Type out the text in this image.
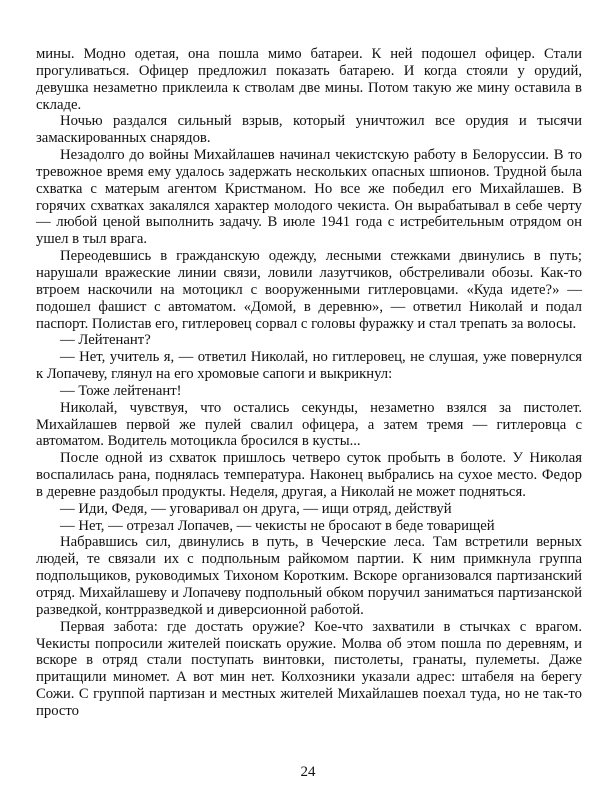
мины. Модно одетая, она пошла мимо батареи. К ней подошел офицер. Стали прогуливаться. Офицер предложил показать батарею. И когда стояли у орудий, девушка незаметно приклеила к стволам две мины. Потом такую же мину оставила в складе.

Ночью раздался сильный взрыв, который уничтожил все орудия и тысячи замаскированных снарядов.

Незадолго до войны Михайлашев начинал чекистскую работу в Белоруссии. В то тревожное время ему удалось задержать нескольких опасных шпионов. Трудной была схватка с матерым агентом Кристманом. Но все же победил его Михайлашев. В горячих схватках закалялся характер молодого чекиста. Он вырабатывал в себе черту — любой ценой выполнить задачу. В июле 1941 года с истребительным отрядом он ушел в тыл врага.

Переодевшись в гражданскую одежду, лесными стежками двинулись в путь; нарушали вражеские линии связи, ловили лазутчиков, обстреливали обозы. Как-то втроем наскочили на мотоцикл с вооруженными гитлеровцами. «Куда идете?» — подошел фашист с автоматом. «Домой, в деревню», — ответил Николай и подал паспорт. Полистав его, гитлеровец сорвал с головы фуражку и стал трепать за волосы.

— Лейтенант?

— Нет, учитель я, — ответил Николай, но гитлеровец, не слушая, уже повернулся к Лопачеву, глянул на его хромовые сапоги и выкрикнул:

— Тоже лейтенант!

Николай, чувствуя, что остались секунды, незаметно взялся за пистолет. Михайлашев первой же пулей свалил офицера, а затем тремя — гитлеровца с автоматом. Водитель мотоцикла бросился в кусты...

После одной из схваток пришлось четверо суток пробыть в болоте. У Николая воспалилась рана, поднялась температура. Наконец выбрались на сухое место. Федор в деревне раздобыл продукты. Неделя, другая, а Николай не может подняться.

— Иди, Федя, — уговаривал он друга, — ищи отряд, действуй

— Нет, — отрезал Лопачев, — чекисты не бросают в беде товарищей

Набравшись сил, двинулись в путь, в Чечерские леса. Там встретили верных людей, те связали их с подпольным райкомом партии. К ним примкнула группа подпольщиков, руководимых Тихоном Коротким. Вскоре организовался партизанский отряд. Михайлашеву и Лопачеву подпольный обком поручил заниматься партизанской разведкой, контрразведкой и диверсионной работой.

Первая забота: где достать оружие? Кое-что захватили в стычках с врагом. Чекисты попросили жителей поискать оружие. Молва об этом пошла по деревням, и вскоре в отряд стали поступать винтовки, пистолеты, гранаты, пулеметы. Даже притащили миномет. А вот мин нет. Колхозники указали адрес: штабеля на берегу Сожи. С группой партизан и местных жителей Михайлашев поехал туда, но не так-то просто

24
